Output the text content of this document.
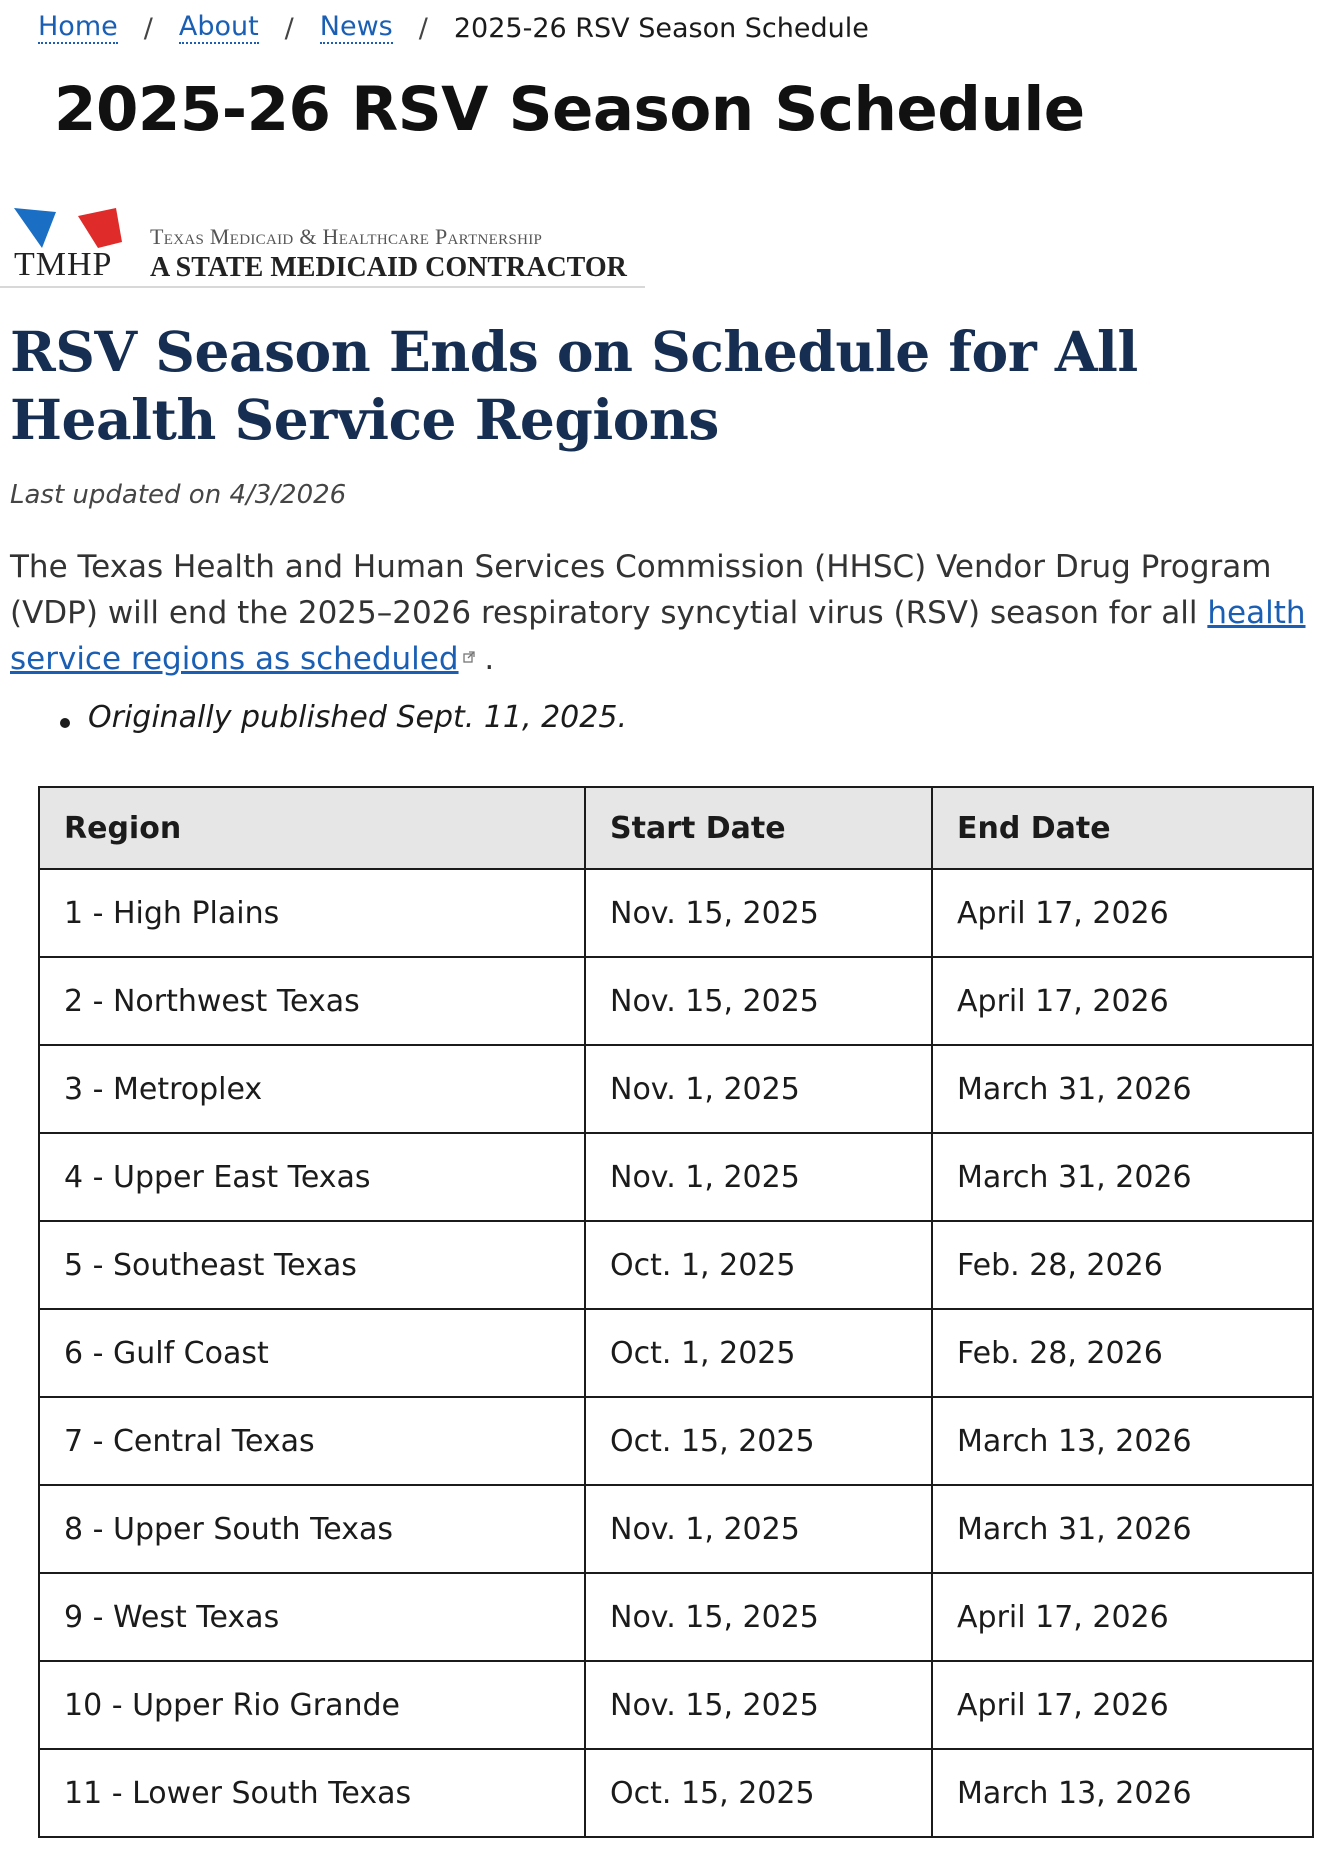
Home / About / News / 2025-26 RSV Season Schedule
2025-26 RSV Season Schedule
TMHP
Texas Medicaid & Healthcare Partnership
A STATE MEDICAID CONTRACTOR
RSV Season Ends on Schedule for All Health Service Regions
Last updated on 4/3/2026

The Texas Health and Human Services Commission (HHSC) Vendor Drug Program (VDP) will end the 2025–2026 respiratory syncytial virus (RSV) season for all health service regions as scheduled .

Originally published Sept. 11, 2025.
Region	Start Date	End Date
1 - High Plains	Nov. 15, 2025	April 17, 2026
2 - Northwest Texas	Nov. 15, 2025	April 17, 2026
3 - Metroplex	Nov. 1, 2025	March 31, 2026
4 - Upper East Texas	Nov. 1, 2025	March 31, 2026
5 - Southeast Texas	Oct. 1, 2025	Feb. 28, 2026
6 - Gulf Coast	Oct. 1, 2025	Feb. 28, 2026
7 - Central Texas	Oct. 15, 2025	March 13, 2026
8 - Upper South Texas	Nov. 1, 2025	March 31, 2026
9 - West Texas	Nov. 15, 2025	April 17, 2026
10 - Upper Rio Grande	Nov. 15, 2025	April 17, 2026
11 - Lower South Texas	Oct. 15, 2025	March 13, 2026
